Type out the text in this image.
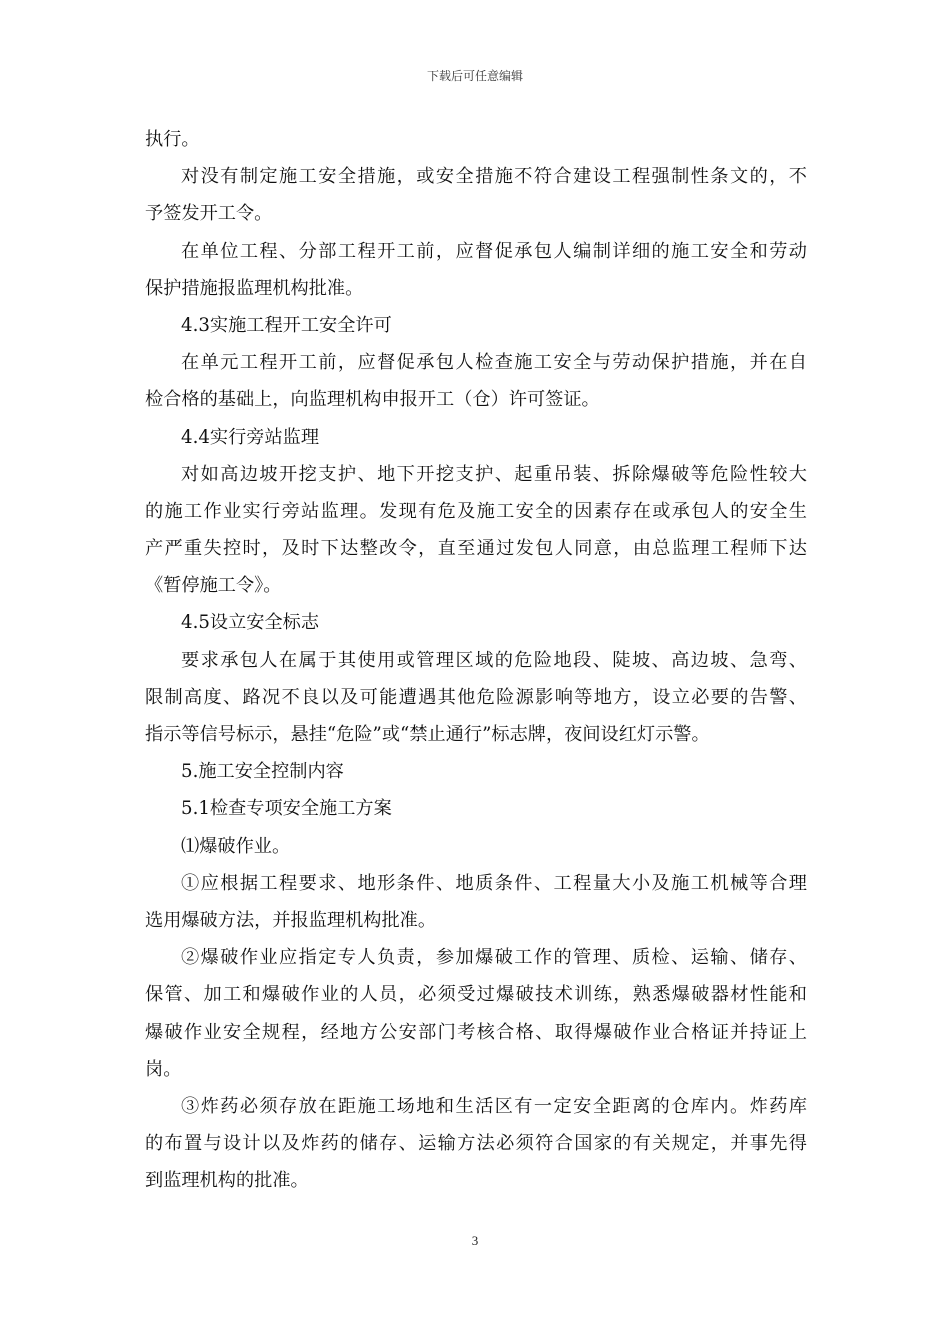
下载后可任意编辑
执行。
对没有制定施工安全措施，或安全措施不符合建设工程强制性条文的，不
予签发开工令。
在单位工程、分部工程开工前，应督促承包人编制详细的施工安全和劳动
保护措施报监理机构批准。
4.3实施工程开工安全许可
在单元工程开工前，应督促承包人检查施工安全与劳动保护措施，并在自
检合格的基础上，向监理机构申报开工（仓）许可签证。
4.4实行旁站监理
对如高边坡开挖支护、地下开挖支护、起重吊装、拆除爆破等危险性较大
的施工作业实行旁站监理。发现有危及施工安全的因素存在或承包人的安全生
产严重失控时，及时下达整改令，直至通过发包人同意，由总监理工程师下达
《暂停施工令》。
4.5设立安全标志
要求承包人在属于其使用或管理区域的危险地段、陡坡、高边坡、急弯、
限制高度、路况不良以及可能遭遇其他危险源影响等地方，设立必要的告警、
指示等信号标示，悬挂“危险”或“禁止通行”标志牌，夜间设红灯示警。
5.施工安全控制内容
5.1检查专项安全施工方案
⑴爆破作业。
①应根据工程要求、地形条件、地质条件、工程量大小及施工机械等合理
选用爆破方法，并报监理机构批准。
②爆破作业应指定专人负责，参加爆破工作的管理、质检、运输、储存、
保管、加工和爆破作业的人员，必须受过爆破技术训练，熟悉爆破器材性能和
爆破作业安全规程，经地方公安部门考核合格、取得爆破作业合格证并持证上
岗。
③炸药必须存放在距施工场地和生活区有一定安全距离的仓库内。炸药库
的布置与设计以及炸药的储存、运输方法必须符合国家的有关规定，并事先得
到监理机构的批准。
3
